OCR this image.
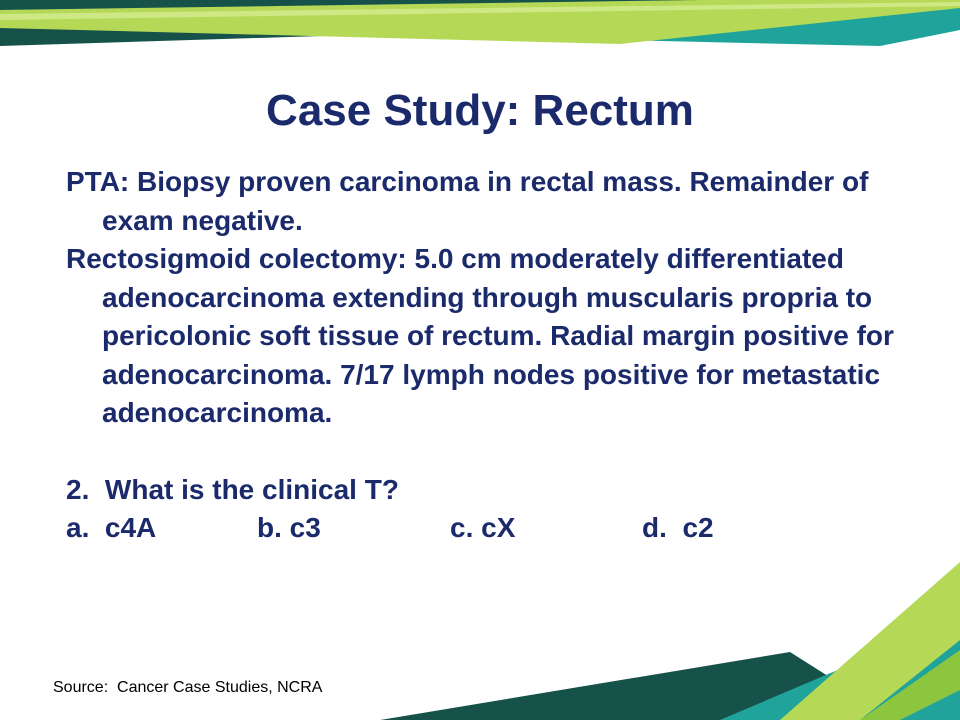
Case Study: Rectum

PTA: Biopsy proven carcinoma in rectal mass. Remainder of exam negative.

Rectosigmoid colectomy: 5.0 cm moderately differentiated adenocarcinoma extending through muscularis propria to pericolonic soft tissue of rectum. Radial margin positive for adenocarcinoma. 7/17 lymph nodes positive for metastatic adenocarcinoma.

2.  What is the clinical T?

a.  c4A	b. c3	c. cX	d.  c2
Source:  Cancer Case Studies, NCRA
